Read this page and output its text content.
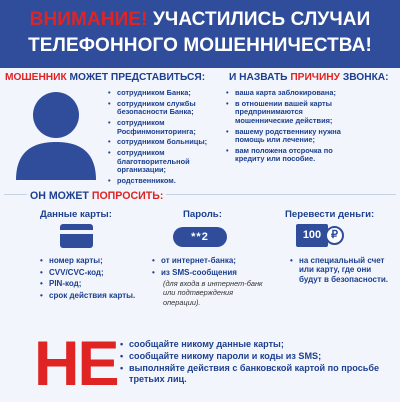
ВНИМАНИЕ! УЧАСТИЛИСЬ СЛУЧАИ
ТЕЛЕФОННОГО МОШЕННИЧЕСТВА!
МОШЕННИК МОЖЕТ ПРЕДСТАВИТЬСЯ: И НАЗВАТЬ ПРИЧИНУ ЗВОНКА:
• сотрудником Банка;
• сотрудником службы безопасности Банка;
• сотрудником Росфинмониторинга;
• сотрудником больницы;
• сотрудником благотворительной организации;
• родственником.
• ваша карта заблокирована;
• в отношении вашей карты предпринимаются мошеннические действия;
• вашему родственнику нужна помощь или лечение;
• вам положена отсрочка по кредиту или пособие.
ОН МОЖЕТ ПОПРОСИТЬ:
Данные карты:	Пароль:	Перевести деньги:
**2	100 ₽
• номер карты;
• CVV/CVC-код;
• PIN-код;
• срок действия карты.
• от интернет-банка;
• из SMS-сообщения
(для входа в интернет-банк или подтверждения операции).
• на специальный счет или карту, где они будут в безопасности.
НЕ
•	сообщайте никому данные карты;
• сообщайте никому пароли и коды из SMS;
• выполняйте действия с банковской картой по просьбе третьих лиц.
